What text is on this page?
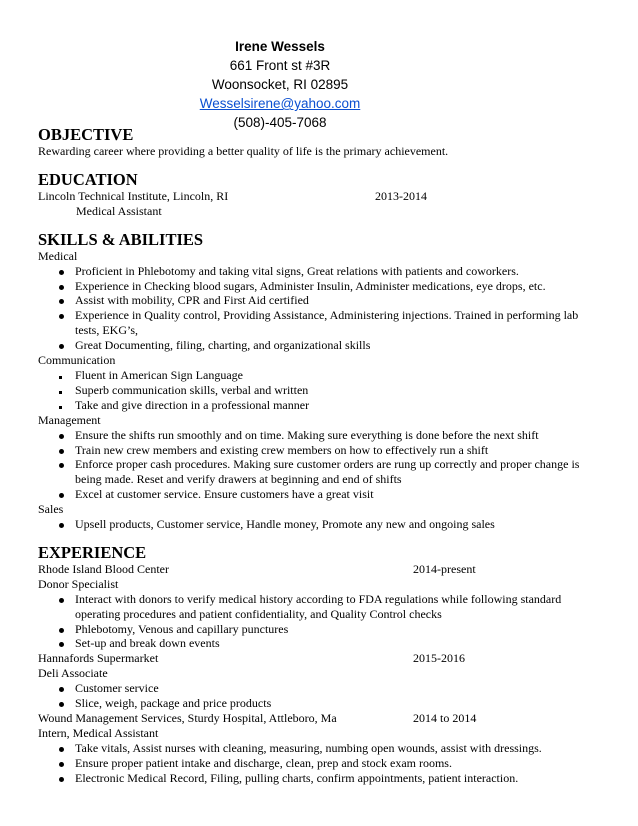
Irene Wessels
661 Front st #3R
Woonsocket, RI 02895
Wesselsirene@yahoo.com
(508)-405-7068
OBJECTIVE
Rewarding career where providing a better quality of life is the primary achievement.
EDUCATION
Lincoln Technical Institute, Lincoln, RI	2013-2014
Medical Assistant
SKILLS & ABILITIES
Medical
Proficient in Phlebotomy and taking vital signs, Great relations with patients and coworkers.
Experience in Checking blood sugars, Administer Insulin, Administer medications, eye drops, etc.
Assist with mobility, CPR and First Aid certified
Experience in Quality control, Providing Assistance, Administering injections. Trained in performing lab tests, EKG’s,
Great Documenting, filing, charting, and organizational skills
Communication
Fluent in American Sign Language
Superb communication skills, verbal and written
Take and give direction in a professional manner
Management
Ensure the shifts run smoothly and on time. Making sure everything is done before the next shift
Train new crew members and existing crew members on how to effectively run a shift
Enforce proper cash procedures. Making sure customer orders are rung up correctly and proper change is being made. Reset and verify drawers at beginning and end of shifts
Excel at customer service. Ensure customers have a great visit
Sales
Upsell products, Customer service, Handle money, Promote any new and ongoing sales
EXPERIENCE
Rhode Island Blood Center	2014-present
Donor Specialist
Interact with donors to verify medical history according to FDA regulations while following standard operating procedures and patient confidentiality, and Quality Control checks
Phlebotomy, Venous and capillary punctures
Set-up and break down events
Hannafords Supermarket	2015-2016
Deli Associate
Customer service
Slice, weigh, package and price products
Wound Management Services, Sturdy Hospital, Attleboro, Ma	2014 to 2014
Intern, Medical Assistant
Take vitals, Assist nurses with cleaning, measuring, numbing open wounds, assist with dressings.
Ensure proper patient intake and discharge, clean, prep and stock exam rooms.
Electronic Medical Record, Filing, pulling charts, confirm appointments, patient interaction.
